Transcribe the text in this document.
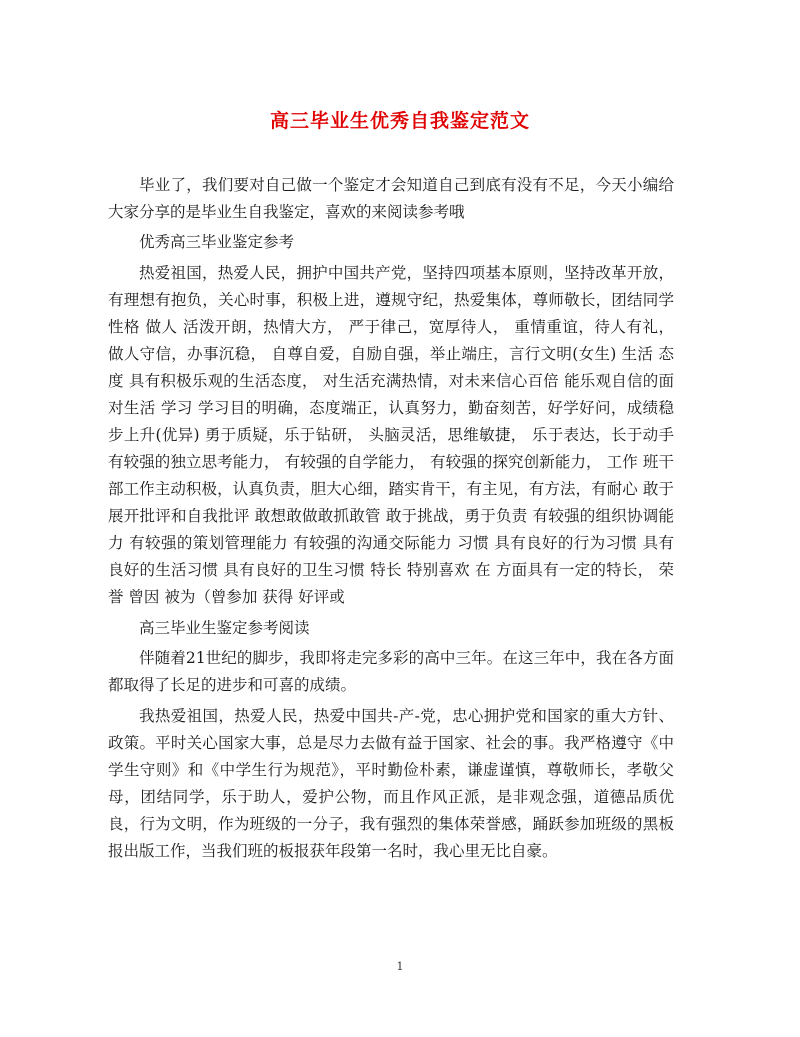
高三毕业生优秀自我鉴定范文

毕业了，我们要对自己做一个鉴定才会知道自己到底有没有不足，今天小编给大家分享的是毕业生自我鉴定，喜欢的来阅读参考哦

优秀高三毕业鉴定参考

热爱祖国，热爱人民，拥护中国共产党，坚持四项基本原则，坚持改革开放，有理想有抱负，关心时事，积极上进，遵规守纪，热爱集体，尊师敬长，团结同学 性格 做人 活泼开朗，热情大方， 严于律己，宽厚待人， 重情重谊，待人有礼， 做人守信，办事沉稳， 自尊自爱，自励自强，举止端庄，言行文明(女生) 生活 态度 具有积极乐观的生活态度， 对生活充满热情，对未来信心百倍 能乐观自信的面对生活 学习 学习目的明确，态度端正，认真努力，勤奋刻苦，好学好问，成绩稳步上升(优异) 勇于质疑，乐于钻研， 头脑灵活，思维敏捷， 乐于表达，长于动手 有较强的独立思考能力， 有较强的自学能力， 有较强的探究创新能力， 工作 班干部工作主动积极，认真负责，胆大心细，踏实肯干，有主见，有方法，有耐心 敢于展开批评和自我批评 敢想敢做敢抓敢管 敢于挑战，勇于负责 有较强的组织协调能力 有较强的策划管理能力 有较强的沟通交际能力 习惯 具有良好的行为习惯 具有良好的生活习惯 具有良好的卫生习惯 特长 特别喜欢 在 方面具有一定的特长， 荣誉 曾因 被为（曾参加 获得 好评或

高三毕业生鉴定参考阅读

伴随着21世纪的脚步，我即将走完多彩的高中三年。在这三年中，我在各方面都取得了长足的进步和可喜的成绩。

我热爱祖国，热爱人民，热爱中国共-产-党，忠心拥护党和国家的重大方针、政策。平时关心国家大事，总是尽力去做有益于国家、社会的事。我严格遵守《中学生守则》和《中学生行为规范》，平时勤俭朴素，谦虚谨慎，尊敬师长，孝敬父母，团结同学，乐于助人，爱护公物，而且作风正派，是非观念强，道德品质优良，行为文明，作为班级的一分子，我有强烈的集体荣誉感，踊跃参加班级的黑板报出版工作，当我们班的板报获年段第一名时，我心里无比自豪。

1
